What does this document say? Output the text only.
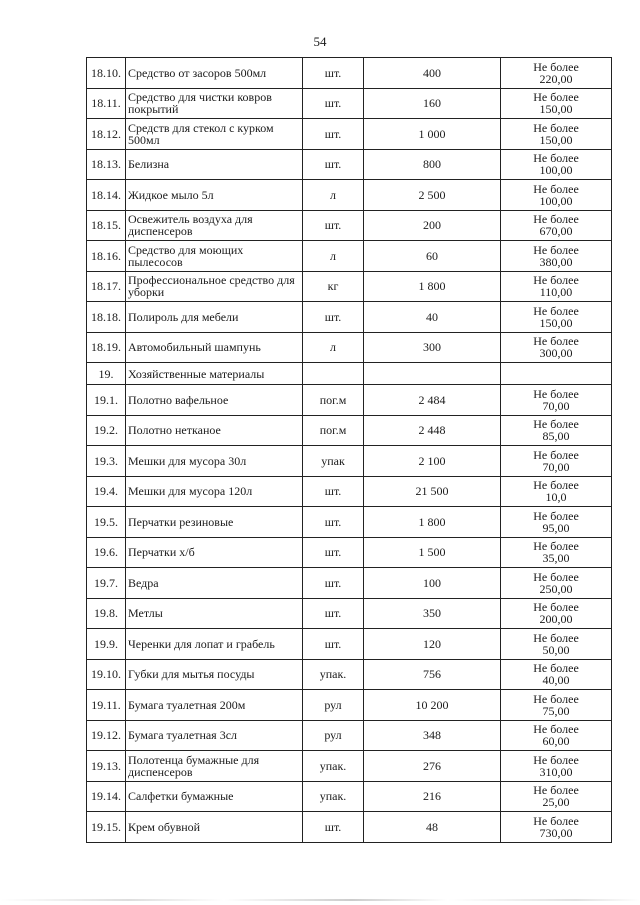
54
18.10.	Средство от засоров 500мл	шт.	400	Не более
220,00
18.11.	Средство для чистки ковров покрытий	шт.	160	Не более
150,00
18.12.	Средств для стекол с курком 500мл	шт.	1 000	Не более
150,00
18.13.	Белизна	шт.	800	Не более
100,00
18.14.	Жидкое мыло 5л	л	2 500	Не более
100,00
18.15.	Освежитель воздуха для диспенсеров	шт.	200	Не более
670,00
18.16.	Средство для моющих пылесосов	л	60	Не более
380,00
18.17.	Профессиональное средство для уборки	кг	1 800	Не более
110,00
18.18.	Полироль для мебели	шт.	40	Не более
150,00
18.19.	Автомобильный шампунь	л	300	Не более
300,00
19.	Хозяйственные материалы			
19.1.	Полотно вафельное	пог.м	2 484	Не более
70,00
19.2.	Полотно нетканое	пог.м	2 448	Не более
85,00
19.3.	Мешки для мусора 30л	упак	2 100	Не более
70,00
19.4.	Мешки для мусора 120л	шт.	21 500	Не более
10,0
19.5.	Перчатки резиновые	шт.	1 800	Не более
95,00
19.6.	Перчатки х/б	шт.	1 500	Не более
35,00
19.7.	Ведра	шт.	100	Не более
250,00
19.8.	Метлы	шт.	350	Не более
200,00
19.9.	Черенки для лопат и грабель	шт.	120	Не более
50,00
19.10.	Губки для мытья посуды	упак.	756	Не более
40,00
19.11.	Бумага туалетная 200м	рул	10 200	Не более
75,00
19.12.	Бумага туалетная 3сл	рул	348	Не более
60,00
19.13.	Полотенца бумажные для диспенсеров	упак.	276	Не более
310,00
19.14.	Салфетки бумажные	упак.	216	Не более
25,00
19.15.	Крем обувной	шт.	48	Не более
730,00
